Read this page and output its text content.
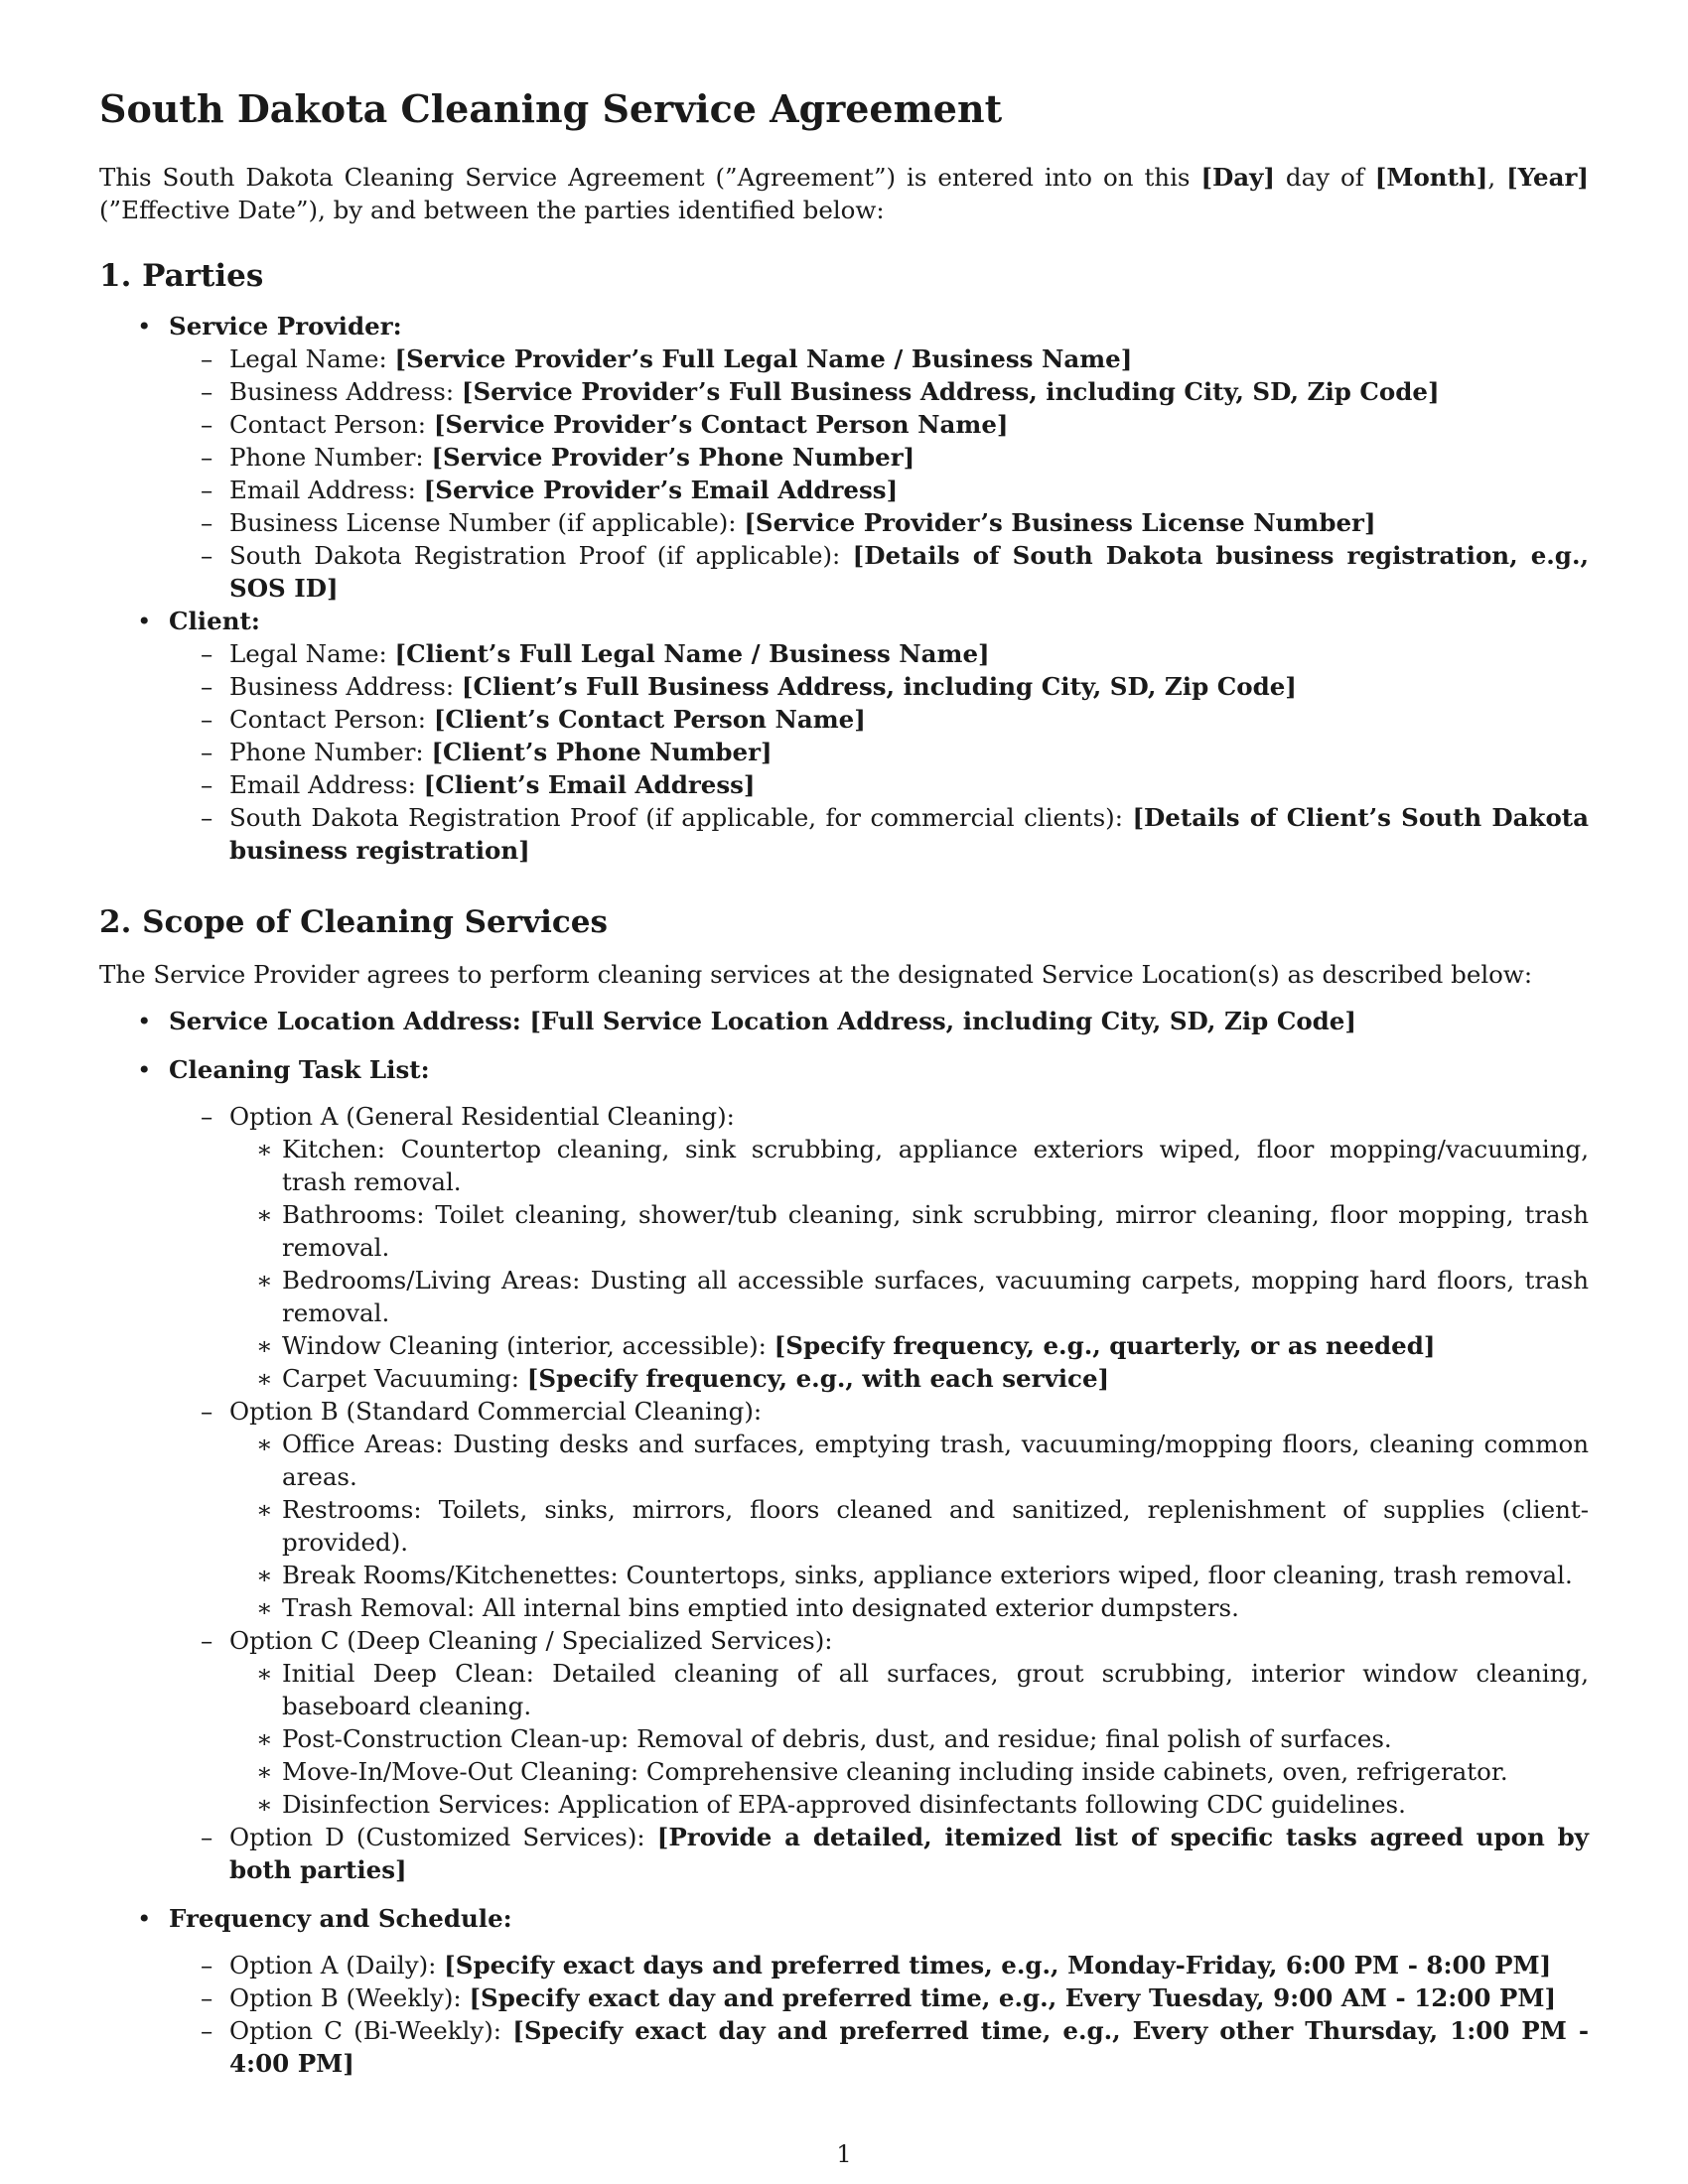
South Dakota Cleaning Service Agreement

This South Dakota Cleaning Service Agreement (”Agreement”) is entered into on this [Day] day of [Month], [Year] (”Effective Date”), by and between the parties identified below:

1. Parties
• Service Provider:
– Legal Name: [Service Provider’s Full Legal Name / Business Name]
– Business Address: [Service Provider’s Full Business Address, including City, SD, Zip Code]
– Contact Person: [Service Provider’s Contact Person Name]
– Phone Number: [Service Provider’s Phone Number]
– Email Address: [Service Provider’s Email Address]
– Business License Number (if applicable): [Service Provider’s Business License Number]
– South Dakota Registration Proof (if applicable): [Details of South Dakota business registration, e.g., SOS ID]
• Client:
– Legal Name: [Client’s Full Legal Name / Business Name]
– Business Address: [Client’s Full Business Address, including City, SD, Zip Code]
– Contact Person: [Client’s Contact Person Name]
– Phone Number: [Client’s Phone Number]
– Email Address: [Client’s Email Address]
– South Dakota Registration Proof (if applicable, for commercial clients): [Details of Client’s South Dakota business registration]
2. Scope of Cleaning Services

The Service Provider agrees to perform cleaning services at the designated Service Location(s) as described below:

• Service Location Address: [Full Service Location Address, including City, SD, Zip Code]
• Cleaning Task List:
– Option A (General Residential Cleaning):
∗ Kitchen: Countertop cleaning, sink scrubbing, appliance exteriors wiped, floor mopping/vacuuming, trash removal.
∗ Bathrooms: Toilet cleaning, shower/tub cleaning, sink scrubbing, mirror cleaning, floor mopping, trash removal.
∗ Bedrooms/Living Areas: Dusting all accessible surfaces, vacuuming carpets, mopping hard floors, trash removal.
∗ Window Cleaning (interior, accessible): [Specify frequency, e.g., quarterly, or as needed]
∗ Carpet Vacuuming: [Specify frequency, e.g., with each service]
– Option B (Standard Commercial Cleaning):
∗ Office Areas: Dusting desks and surfaces, emptying trash, vacuuming/mopping floors, cleaning common areas.
∗ Restrooms: Toilets, sinks, mirrors, floors cleaned and sanitized, replenishment of supplies (client-provided).
∗ Break Rooms/Kitchenettes: Countertops, sinks, appliance exteriors wiped, floor cleaning, trash removal.
∗ Trash Removal: All internal bins emptied into designated exterior dumpsters.
– Option C (Deep Cleaning / Specialized Services):
∗ Initial Deep Clean: Detailed cleaning of all surfaces, grout scrubbing, interior window cleaning, baseboard cleaning.
∗ Post-Construction Clean-up: Removal of debris, dust, and residue; final polish of surfaces.
∗ Move-In/Move-Out Cleaning: Comprehensive cleaning including inside cabinets, oven, refrigerator.
∗ Disinfection Services: Application of EPA-approved disinfectants following CDC guidelines.
– Option D (Customized Services): [Provide a detailed, itemized list of specific tasks agreed upon by both parties]
• Frequency and Schedule:
– Option A (Daily): [Specify exact days and preferred times, e.g., Monday-Friday, 6:00 PM - 8:00 PM]
– Option B (Weekly): [Specify exact day and preferred time, e.g., Every Tuesday, 9:00 AM - 12:00 PM]
– Option C (Bi-Weekly): [Specify exact day and preferred time, e.g., Every other Thursday, 1:00 PM - 4:00 PM]
1
